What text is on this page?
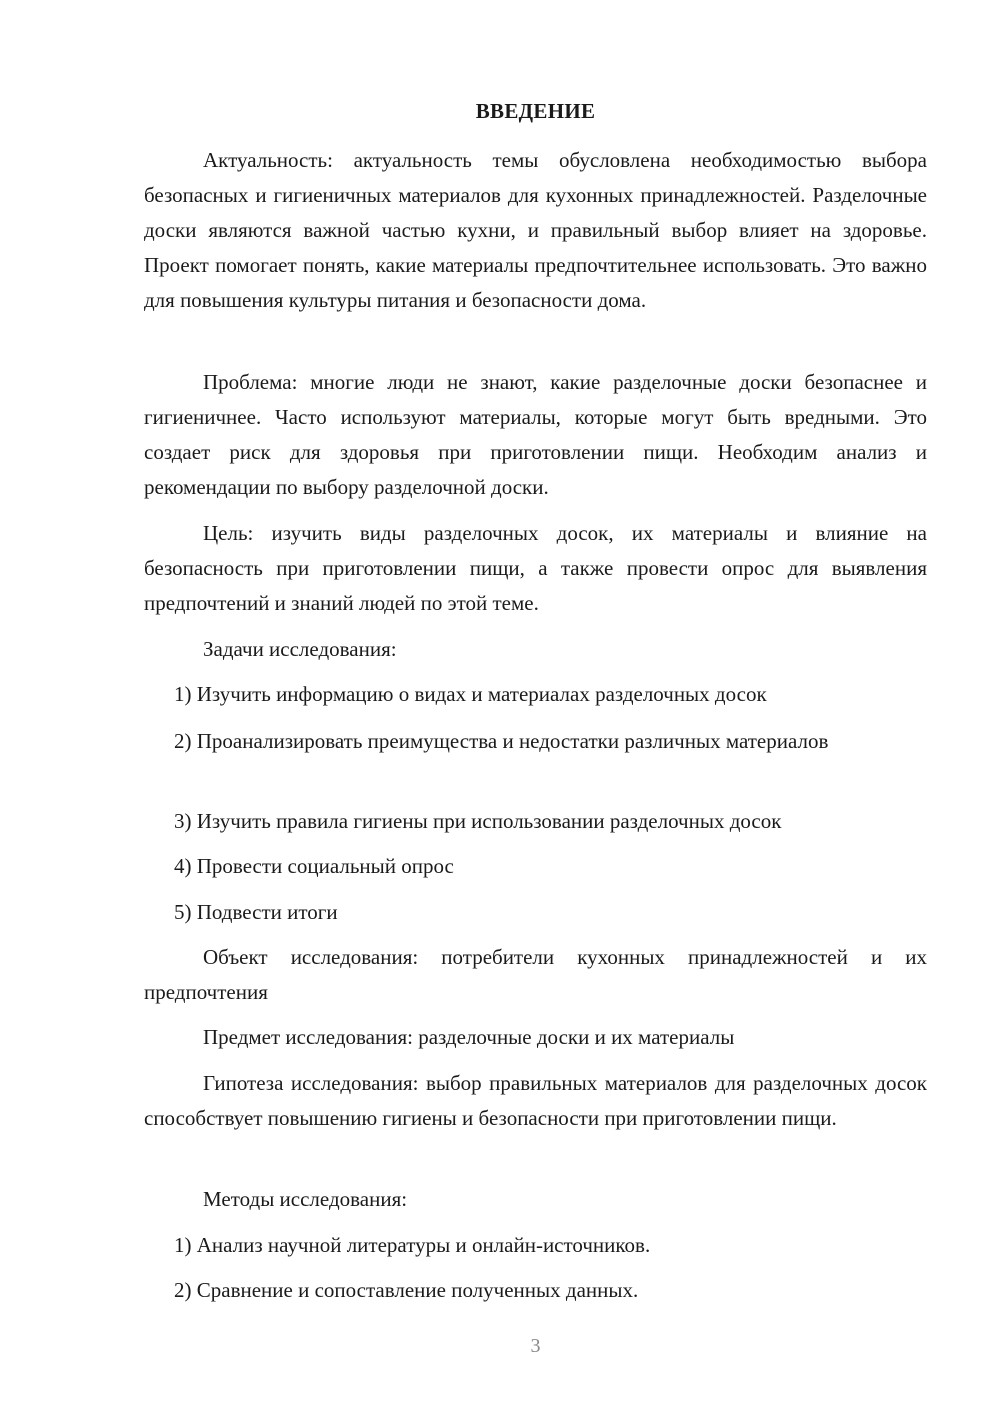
ВВЕДЕНИЕ

Актуальность: актуальность темы обусловлена необходимостью выбора безопасных и гигиеничных материалов для кухонных принадлежностей. Разделочные доски являются важной частью кухни, и правильный выбор влияет на здоровье. Проект помогает понять, какие материалы предпочтительнее использовать. Это важно для повышения культуры питания и безопасности дома.

Проблема: многие люди не знают, какие разделочные доски безопаснее и гигиеничнее. Часто используют материалы, которые могут быть вредными. Это создает риск для здоровья при приготовлении пищи. Необходим анализ и рекомендации по выбору разделочной доски.

Цель: изучить виды разделочных досок, их материалы и влияние на безопасность при приготовлении пищи, а также провести опрос для выявления предпочтений и знаний людей по этой теме.

Задачи исследования:

1) Изучить информацию о видах и материалах разделочных досок

2) Проанализировать преимущества и недостатки различных материалов

3) Изучить правила гигиены при использовании разделочных досок

4) Провести социальный опрос

5) Подвести итоги

Объект исследования: потребители кухонных принадлежностей и их предпочтения

Предмет исследования: разделочные доски и их материалы

Гипотеза исследования: выбор правильных материалов для разделочных досок способствует повышению гигиены и безопасности при приготовлении пищи.

Методы исследования:

1) Анализ научной литературы и онлайн-источников.

2) Сравнение и сопоставление полученных данных.

3
